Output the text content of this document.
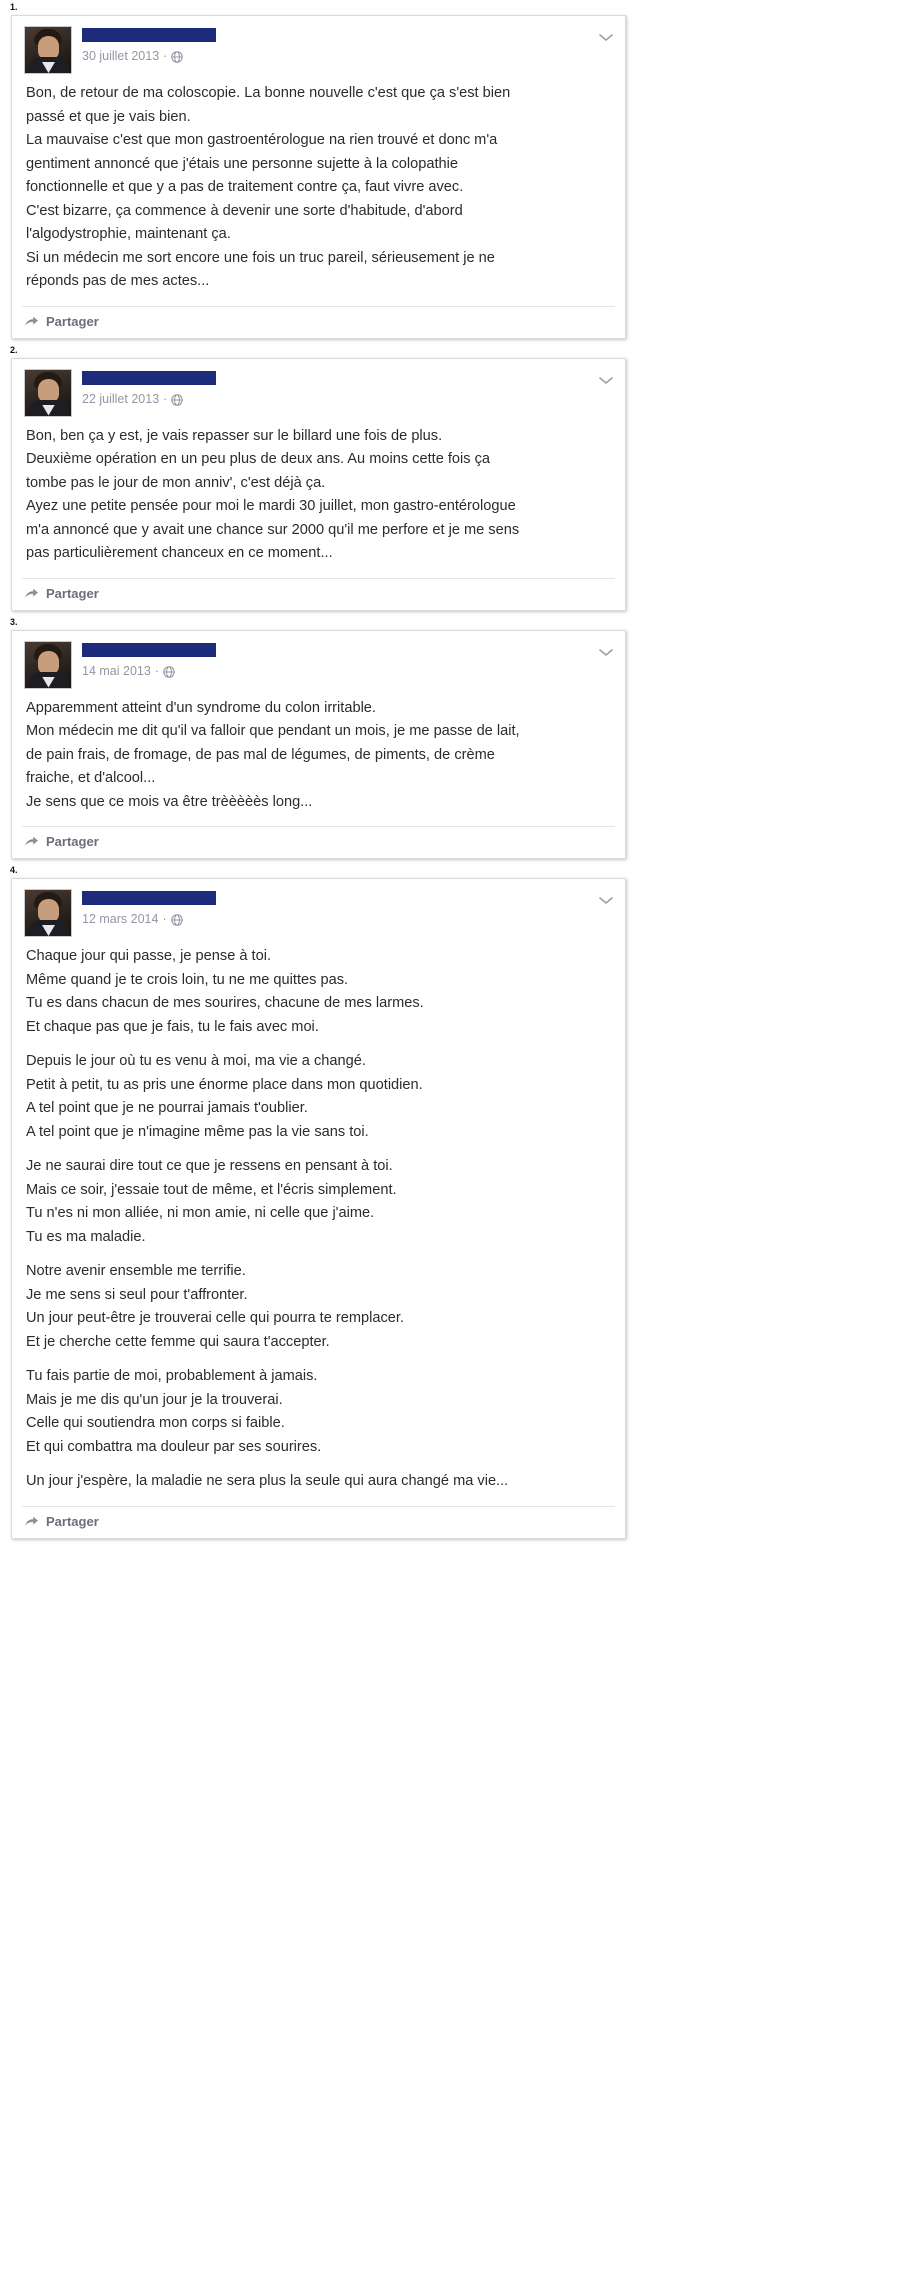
1.
30 juillet 2013 ·

Bon, de retour de ma coloscopie. La bonne nouvelle c'est que ça s'est bien

passé et que je vais bien.

La mauvaise c'est que mon gastroentérologue na rien trouvé et donc m'a

gentiment annoncé que j'étais une personne sujette à la colopathie

fonctionnelle et que y a pas de traitement contre ça, faut vivre avec.

C'est bizarre, ça commence à devenir une sorte d'habitude, d'abord

l'algodystrophie, maintenant ça.

Si un médecin me sort encore une fois un truc pareil, sérieusement je ne

réponds pas de mes actes...

Partager
2.
22 juillet 2013 ·

Bon, ben ça y est, je vais repasser sur le billard une fois de plus.

Deuxième opération en un peu plus de deux ans. Au moins cette fois ça

tombe pas le jour de mon anniv', c'est déjà ça.

Ayez une petite pensée pour moi le mardi 30 juillet, mon gastro-entérologue

m'a annoncé que y avait une chance sur 2000 qu'il me perfore et je me sens

pas particulièrement chanceux en ce moment...

Partager
3.
14 mai 2013 ·

Apparemment atteint d'un syndrome du colon irritable.

Mon médecin me dit qu'il va falloir que pendant un mois, je me passe de lait,

de pain frais, de fromage, de pas mal de légumes, de piments, de crème

fraiche, et d'alcool...

Je sens que ce mois va être trèèèèès long...

Partager
4.
12 mars 2014 ·

Chaque jour qui passe, je pense à toi.

Même quand je te crois loin, tu ne me quittes pas.

Tu es dans chacun de mes sourires, chacune de mes larmes.

Et chaque pas que je fais, tu le fais avec moi.

Depuis le jour où tu es venu à moi, ma vie a changé.

Petit à petit, tu as pris une énorme place dans mon quotidien.

A tel point que je ne pourrai jamais t'oublier.

A tel point que je n'imagine même pas la vie sans toi.

Je ne saurai dire tout ce que je ressens en pensant à toi.

Mais ce soir, j'essaie tout de même, et l'écris simplement.

Tu n'es ni mon alliée, ni mon amie, ni celle que j'aime.

Tu es ma maladie.

Notre avenir ensemble me terrifie.

Je me sens si seul pour t'affronter.

Un jour peut-être je trouverai celle qui pourra te remplacer.

Et je cherche cette femme qui saura t'accepter.

Tu fais partie de moi, probablement à jamais.

Mais je me dis qu'un jour je la trouverai.

Celle qui soutiendra mon corps si faible.

Et qui combattra ma douleur par ses sourires.

Un jour j'espère, la maladie ne sera plus la seule qui aura changé ma vie...

Partager
